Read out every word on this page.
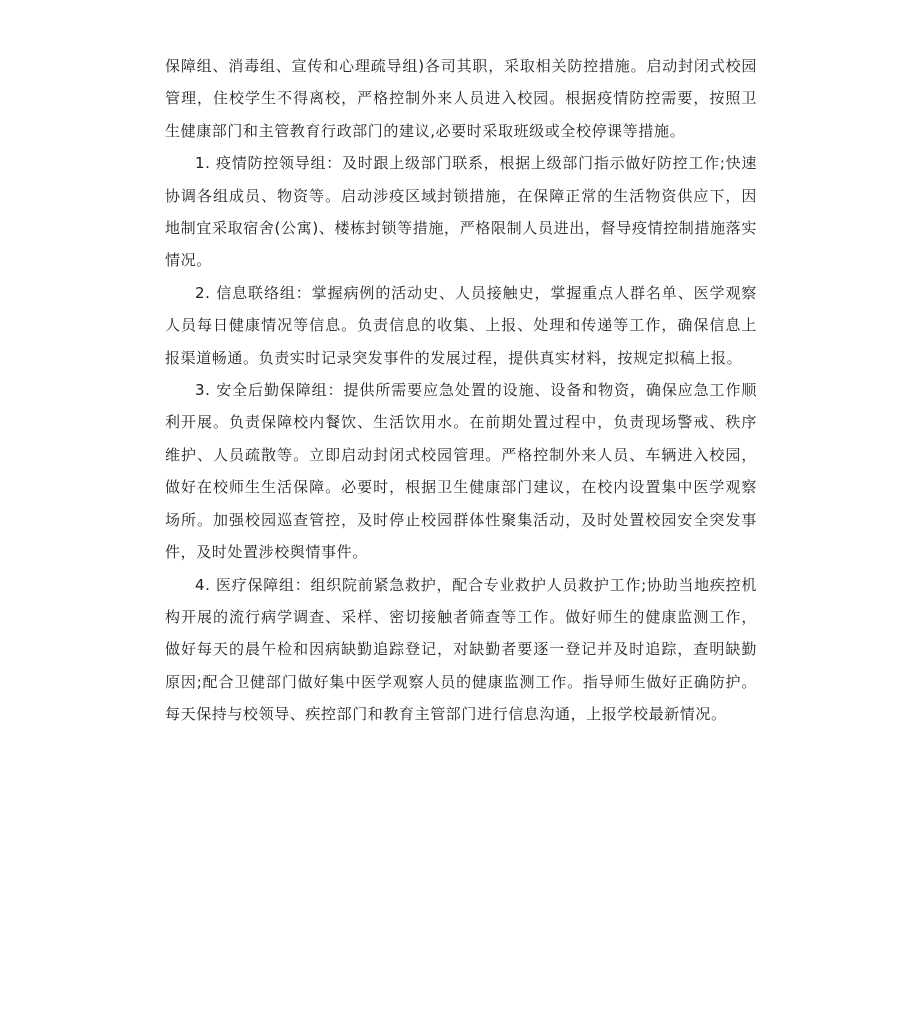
保障组、消毒组、宣传和心理疏导组)各司其职，采取相关防控措施。启动封闭式校园管理，住校学生不得离校，严格控制外来人员进入校园。根据疫情防控需要，按照卫生健康部门和主管教育行政部门的建议,必要时采取班级或全校停课等措施。

1. 疫情防控领导组：及时跟上级部门联系，根据上级部门指示做好防控工作;快速协调各组成员、物资等。启动涉疫区域封锁措施，在保障正常的生活物资供应下，因地制宜采取宿舍(公寓)、楼栋封锁等措施，严格限制人员进出，督导疫情控制措施落实情况。

2. 信息联络组：掌握病例的活动史、人员接触史，掌握重点人群名单、医学观察人员每日健康情况等信息。负责信息的收集、上报、处理和传递等工作，确保信息上报渠道畅通。负责实时记录突发事件的发展过程，提供真实材料，按规定拟稿上报。

3. 安全后勤保障组：提供所需要应急处置的设施、设备和物资，确保应急工作顺利开展。负责保障校内餐饮、生活饮用水。在前期处置过程中，负责现场警戒、秩序维护、人员疏散等。立即启动封闭式校园管理。严格控制外来人员、车辆进入校园，做好在校师生生活保障。必要时，根据卫生健康部门建议，在校内设置集中医学观察场所。加强校园巡查管控，及时停止校园群体性聚集活动，及时处置校园安全突发事件，及时处置涉校舆情事件。

4. 医疗保障组：组织院前紧急救护，配合专业救护人员救护工作;协助当地疾控机构开展的流行病学调查、采样、密切接触者筛查等工作。做好师生的健康监测工作，做好每天的晨午检和因病缺勤追踪登记，对缺勤者要逐一登记并及时追踪，查明缺勤原因;配合卫健部门做好集中医学观察人员的健康监测工作。指导师生做好正确防护。每天保持与校领导、疾控部门和教育主管部门进行信息沟通，上报学校最新情况。
